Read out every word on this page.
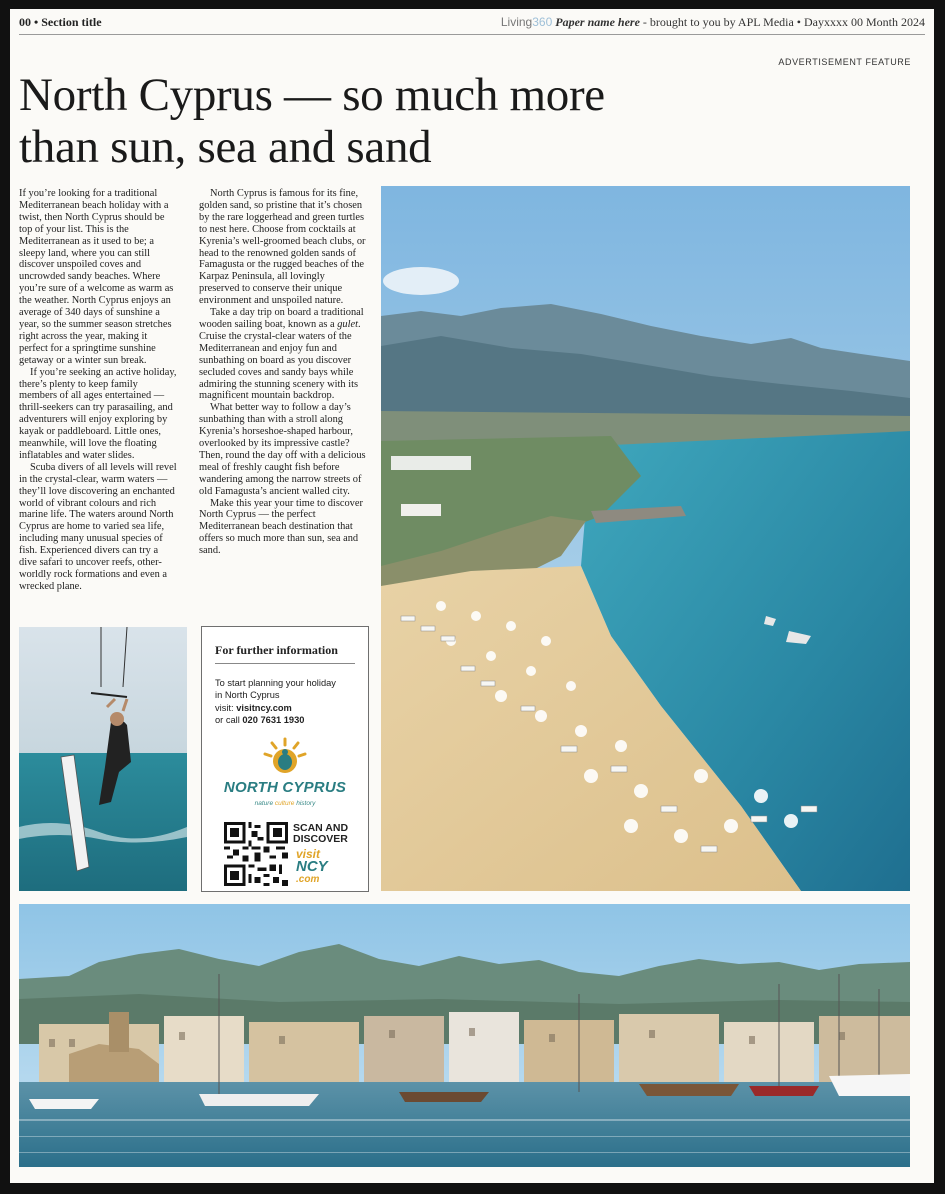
00 • Section title	Living360 Paper name here - brought to you by APL Media • Dayxxxx 00 Month 2024
ADVERTISEMENT FEATURE
North Cyprus — so much more
than sun, sea and sand

If you’re looking for a traditional Mediterranean beach holiday with a twist, then North Cyprus should be top of your list. This is the Mediterranean as it used to be; a sleepy land, where you can still discover unspoiled coves and uncrowded sandy beaches. Where you’re sure of a welcome as warm as the weather. North Cyprus enjoys an average of 340 days of sunshine a year, so the summer season stretches right across the year, making it perfect for a springtime sunshine getaway or a winter sun break.

If you’re seeking an active holiday, there’s plenty to keep family members of all ages entertained — thrill-seekers can try parasailing, and adventurers will enjoy exploring by kayak or paddleboard. Little ones, meanwhile, will love the floating inflatables and water slides.

Scuba divers of all levels will revel in the crystal-clear, warm waters — they’ll love discovering an enchanted world of vibrant colours and rich marine life. The waters around North Cyprus are home to varied sea life, including many unusual species of fish. Experienced divers can try a dive safari to uncover reefs, other-worldly rock formations and even a wrecked plane.

North Cyprus is famous for its fine, golden sand, so pristine that it’s chosen by the rare loggerhead and green turtles to nest here. Choose from cocktails at Kyrenia’s well-groomed beach clubs, or head to the renowned golden sands of Famagusta or the rugged beaches of the Karpaz Peninsula, all lovingly preserved to conserve their unique environment and unspoiled nature.

Take a day trip on board a traditional wooden sailing boat, known as a gulet. Cruise the crystal-clear waters of the Mediterranean and enjoy fun and sunbathing on board as you discover secluded coves and sandy bays while admiring the stunning scenery with its magnificent mountain backdrop.

What better way to follow a day’s sunbathing than with a stroll along Kyrenia’s horseshoe-shaped harbour, overlooked by its impressive castle? Then, round the day off with a delicious meal of freshly caught fish before wandering among the narrow streets of old Famagusta’s ancient walled city.

Make this year your time to discover North Cyprus — the perfect Mediterranean beach destination that offers so much more than sun, sea and sand.

For further information
To start planning your holiday
in North Cyprus
visit: visitncy.com
or call 020 7631 1930
NORTH CYPRUS
nature culture history
SCAN AND
DISCOVER
visit
NCY
.com
